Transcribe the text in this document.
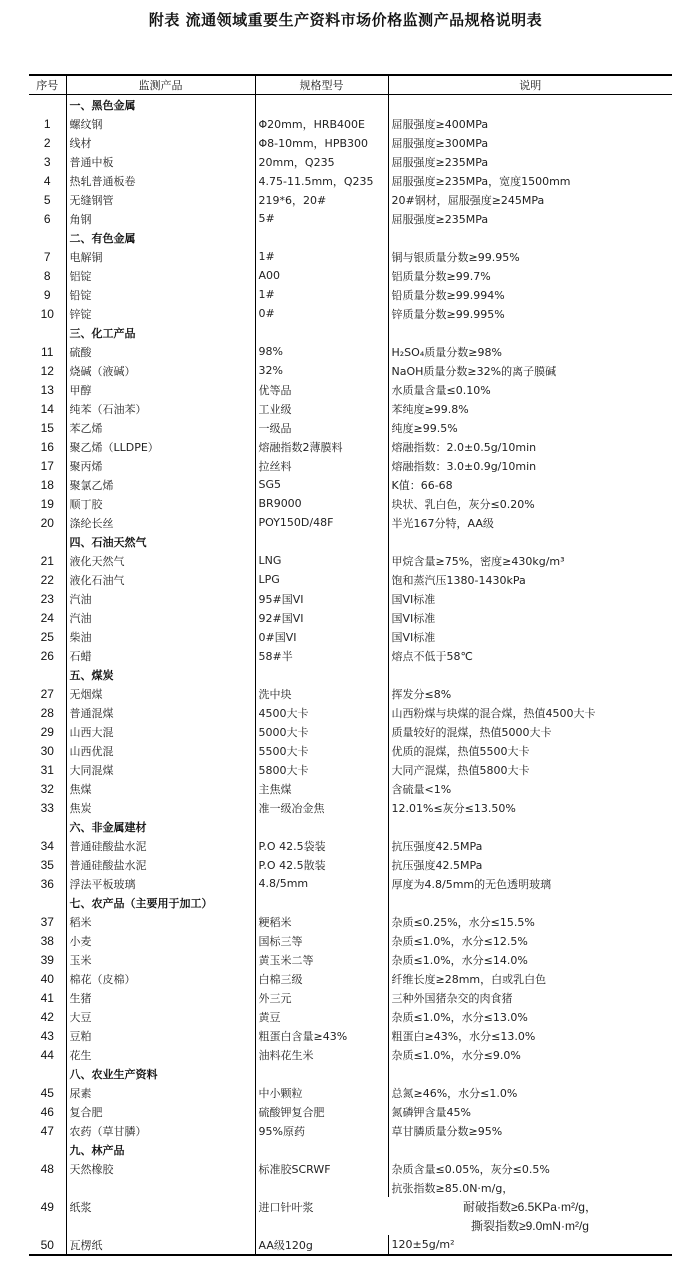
附表 流通领域重要生产资料市场价格监测产品规格说明表
序号	监测产品	规格型号	说明
	一、黑色金属		
1	螺纹钢	Φ20mm，HRB400E	屈服强度≥400MPa
2	线材	Φ8-10mm，HPB300	屈服强度≥300MPa
3	普通中板	20mm，Q235	屈服强度≥235MPa
4	热轧普通板卷	4.75-11.5mm，Q235	屈服强度≥235MPa，宽度1500mm
5	无缝钢管	219*6，20#	20#钢材，屈服强度≥245MPa
6	角钢	5#	屈服强度≥235MPa
	二、有色金属		
7	电解铜	1#	铜与银质量分数≥99.95%
8	铝锭	A00	铝质量分数≥99.7%
9	铅锭	1#	铅质量分数≥99.994%
10	锌锭	0#	锌质量分数≥99.995%
	三、化工产品		
11	硫酸	98%	H₂SO₄质量分数≥98%
12	烧碱（液碱）	32%	NaOH质量分数≥32%的离子膜碱
13	甲醇	优等品	水质量含量≤0.10%
14	纯苯（石油苯）	工业级	苯纯度≥99.8%
15	苯乙烯	一级品	纯度≥99.5%
16	聚乙烯（LLDPE）	熔融指数2薄膜料	熔融指数：2.0±0.5g/10min
17	聚丙烯	拉丝料	熔融指数：3.0±0.9g/10min
18	聚氯乙烯	SG5	K值：66-68
19	顺丁胶	BR9000	块状、乳白色，灰分≤0.20%
20	涤纶长丝	POY150D/48F	半光167分特，AA级
	四、石油天然气		
21	液化天然气	LNG	甲烷含量≥75%，密度≥430kg/m³
22	液化石油气	LPG	饱和蒸汽压1380-1430kPa
23	汽油	95#国VI	国VI标准
24	汽油	92#国VI	国VI标准
25	柴油	0#国VI	国VI标准
26	石蜡	58#半	熔点不低于58℃
	五、煤炭		
27	无烟煤	洗中块	挥发分≤8%
28	普通混煤	4500大卡	山西粉煤与块煤的混合煤，热值4500大卡
29	山西大混	5000大卡	质量较好的混煤，热值5000大卡
30	山西优混	5500大卡	优质的混煤，热值5500大卡
31	大同混煤	5800大卡	大同产混煤，热值5800大卡
32	焦煤	主焦煤	含硫量<1%
33	焦炭	准一级冶金焦	12.01%≤灰分≤13.50%
	六、非金属建材		
34	普通硅酸盐水泥	P.O 42.5袋装	抗压强度42.5MPa
35	普通硅酸盐水泥	P.O 42.5散装	抗压强度42.5MPa
36	浮法平板玻璃	4.8/5mm	厚度为4.8/5mm的无色透明玻璃
	七、农产品（主要用于加工）		
37	稻米	粳稻米	杂质≤0.25%，水分≤15.5%
38	小麦	国标三等	杂质≤1.0%，水分≤12.5%
39	玉米	黄玉米二等	杂质≤1.0%，水分≤14.0%
40	棉花（皮棉）	白棉三级	纤维长度≥28mm，白或乳白色
41	生猪	外三元	三种外国猪杂交的肉食猪
42	大豆	黄豆	杂质≤1.0%，水分≤13.0%
43	豆粕	粗蛋白含量≥43%	粗蛋白≥43%，水分≤13.0%
44	花生	油料花生米	杂质≤1.0%，水分≤9.0%
	八、农业生产资料		
45	尿素	中小颗粒	总氮≥46%，水分≤1.0%
46	复合肥	硫酸钾复合肥	氮磷钾含量45%
47	农药（草甘膦）	95%原药	草甘膦质量分数≥95%
	九、林产品		
48	天然橡胶	标准胶SCRWF	杂质含量≤0.05%，灰分≤0.5%
49	纸浆	进口针叶浆	抗张指数≥85.0N·m/g，
			耐破指数≥6.5KPa·m²/g，
			撕裂指数≥9.0mN·m²/g
50	瓦楞纸	AA级120g	120±5g/m²
